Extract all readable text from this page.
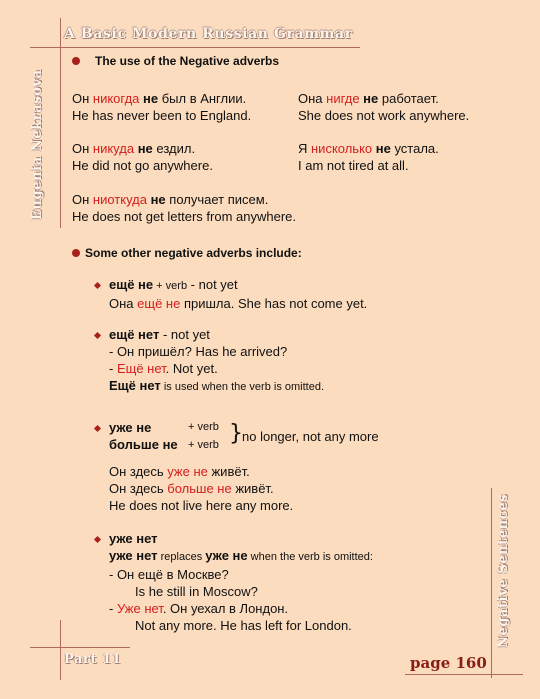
A Basic Modern Russian Grammar
Eugenia Nekrasova
Negative Sentences
Part 11	page 160
The use of the Negative adverbs
Он никогда не был в Англии.
He has never been to England.
Она нигде не работает.
She does not work anywhere.
Он никуда не ездил.
He did not go anywhere.
Я нисколько не устала.
I am not tired at all.
Он ниоткуда не получает писем.
He does not get letters from anywhere.
Some other negative adverbs include:
ещё не + verb - not yet
Она ещё не пришла. She has not come yet.
ещё нет - not yet
- Он пришёл? Has he arrived?
- Ещё нет. Not yet.
Ещё нет is used when the verb is omitted.
уже не
больше не
+ verb
+ verb } no longer, not any more
Он здесь уже не живёт.
Он здесь больше не живёт.
He does not live here any more.
уже нет
уже нет replaces уже не when the verb is omitted:
- Он ещё в Москве?
Is he still in Moscow?
- Уже нет. Он уехал в Лондон.
Not any more. He has left for London.
